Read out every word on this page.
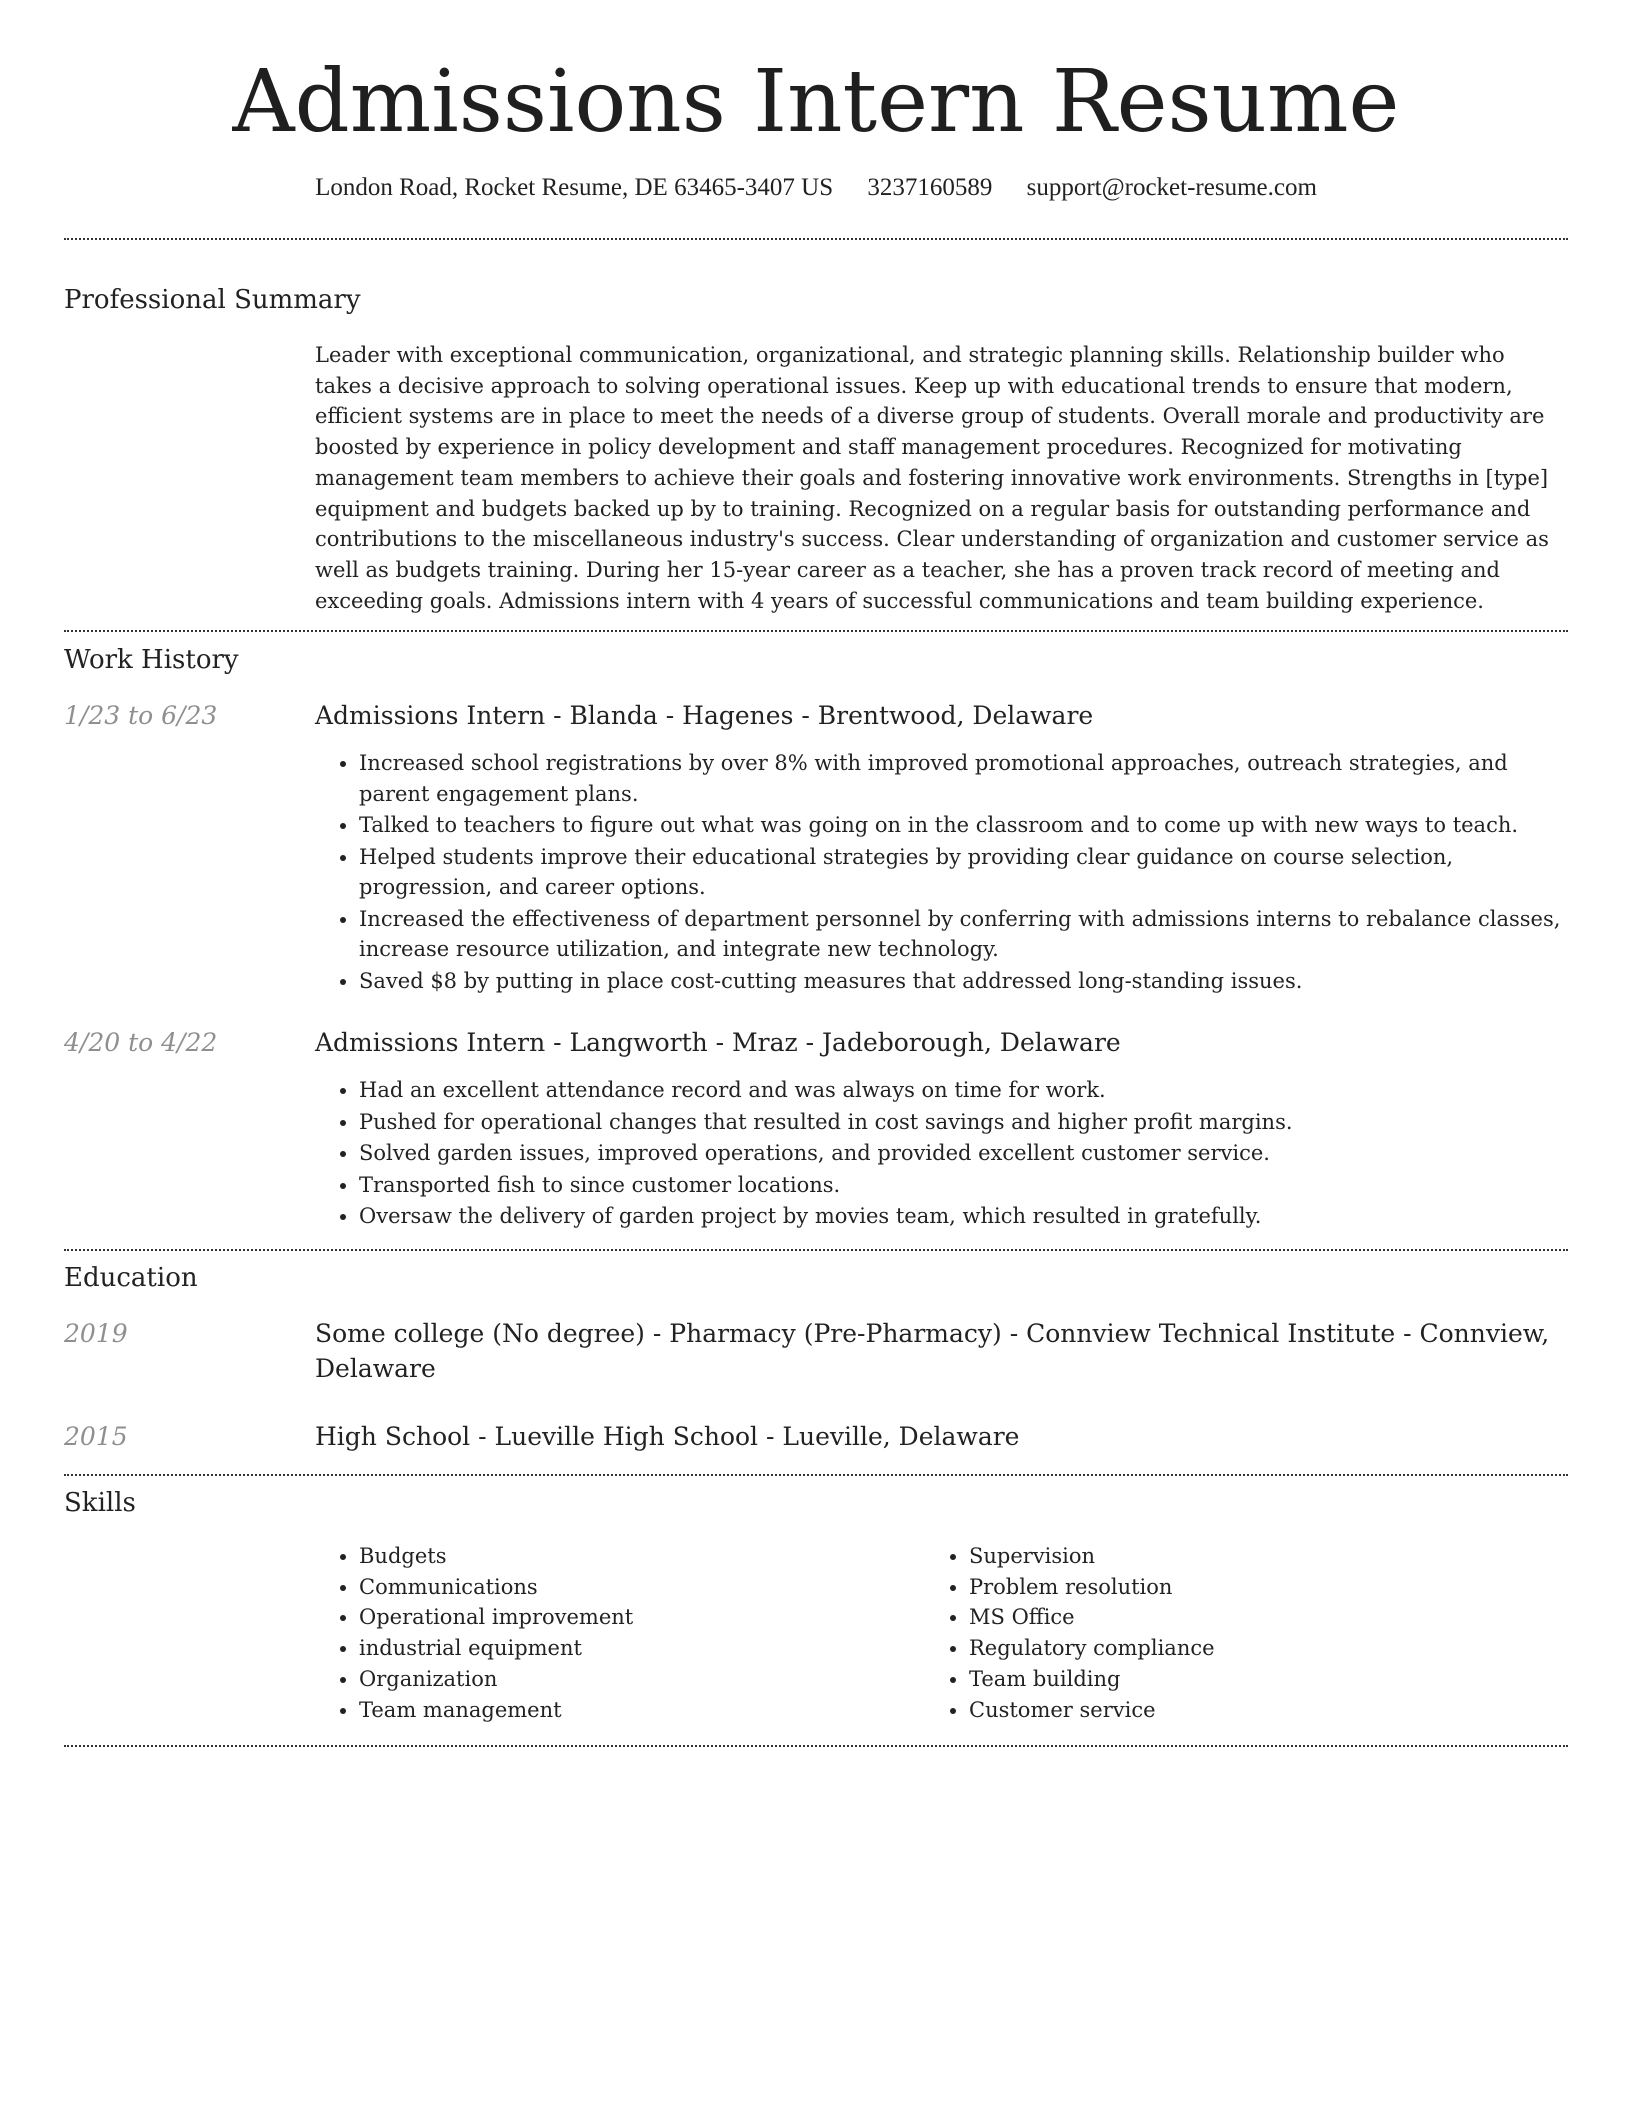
Admissions Intern Resume
London Road, Rocket Resume, DE 63465-3407 US 3237160589 support@rocket-resume.com
Professional Summary

Leader with exceptional communication, organizational, and strategic planning skills. Relationship builder who takes a decisive approach to solving operational issues. Keep up with educational trends to ensure that modern, efficient systems are in place to meet the needs of a diverse group of students. Overall morale and productivity are boosted by experience in policy development and staff management procedures. Recognized for motivating management team members to achieve their goals and fostering innovative work environments. Strengths in [type] equipment and budgets backed up by to training. Recognized on a regular basis for outstanding performance and contributions to the miscellaneous industry's success. Clear understanding of organization and customer service as well as budgets training. During her 15-year career as a teacher, she has a proven track record of meeting and exceeding goals. Admissions intern with 4 years of successful communications and team building experience.

Work History
1/23 to 6/23	Admissions Intern - Blanda - Hagenes - Brentwood, Delaware
• Increased school registrations by over 8% with improved promotional approaches, outreach strategies, and parent engagement plans.
• Talked to teachers to figure out what was going on in the classroom and to come up with new ways to teach.
• Helped students improve their educational strategies by providing clear guidance on course selection, progression, and career options.
• Increased the effectiveness of department personnel by conferring with admissions interns to rebalance classes, increase resource utilization, and integrate new technology.
• Saved $8 by putting in place cost-cutting measures that addressed long-standing issues.
4/20 to 4/22	Admissions Intern - Langworth - Mraz - Jadeborough, Delaware
• Had an excellent attendance record and was always on time for work.
• Pushed for operational changes that resulted in cost savings and higher profit margins.
• Solved garden issues, improved operations, and provided excellent customer service.
• Transported fish to since customer locations.
• Oversaw the delivery of garden project by movies team, which resulted in gratefully.
Education
2019	Some college (No degree) - Pharmacy (Pre-Pharmacy) - Connview Technical Institute - Connview, Delaware
2015	High School - Lueville High School - Lueville, Delaware
Skills
• Budgets
• Communications
• Operational improvement
• industrial equipment
• Organization
• Team management
• Supervision
• Problem resolution
• MS Office
• Regulatory compliance
• Team building
• Customer service
